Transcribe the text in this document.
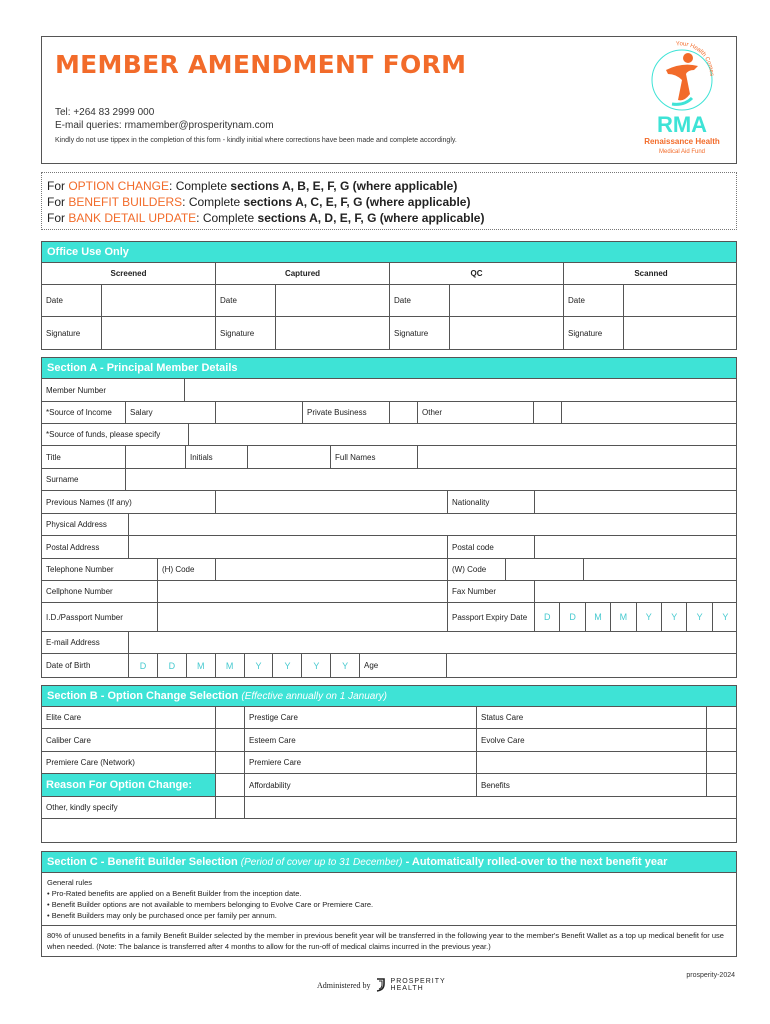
MEMBER AMENDMENT FORM
Tel: +264 83 2999 000
E-mail queries: rmamember@prosperitynam.com
Kindly do not use tippex in the completion of this form - kindly initial where corrections have been made and complete accordingly.
Your Health Comes
RMA
Renaissance Health
Medical Aid Fund
For OPTION CHANGE: Complete sections A, B, E, F, G (where applicable)
For BENEFIT BUILDERS: Complete sections A, C, E, F, G (where applicable)
For BANK DETAIL UPDATE: Complete sections A, D, E, F, G (where applicable)
Office Use Only
Screened	Captured	QC	Scanned
Date	Date	Date	Date
Signature	Signature	Signature	Signature
Section A - Principal Member Details
Member Number
*Source of Income	Salary	Private Business	Other
*Source of funds, please specify
Title	Initials	Full Names
Surname
Previous Names (If any)	Nationality
Physical Address
Postal Address	Postal code
Telephone Number	(H) Code	(W) Code
Cellphone Number	Fax Number
I.D./Passport Number	Passport Expiry Date	D	D	M	M	Y	Y	Y	Y
E-mail Address
Date of Birth	D	D	M	M	Y	Y	Y	Y	Age
Section B - Option Change Selection (Effective annually on 1 January)
Elite Care	Prestige Care	Status Care
Caliber Care	Esteem Care	Evolve Care
Premiere Care (Network)	Premiere Care
Reason For Option Change:	Affordability	Benefits
Other, kindly specify
Section C - Benefit Builder Selection (Period of cover up to 31 December) - Automatically rolled-over to the next benefit year
General rules
• Pro-Rated benefits are applied on a Benefit Builder from the inception date.
• Benefit Builder options are not available to members belonging to Evolve Care or Premiere Care.
• Benefit Builders may only be purchased once per family per annum.
80% of unused benefits in a family Benefit Builder selected by the member in previous benefit year will be transferred in the following year to the member's Benefit Wallet as a top up medical benefit for use when needed. (Note: The balance is transferred after 4 months to allow for the run-off of medical claims incurred in the previous year.)
prosperity-2024
Administered by	PROSPERITY
HEALTH
